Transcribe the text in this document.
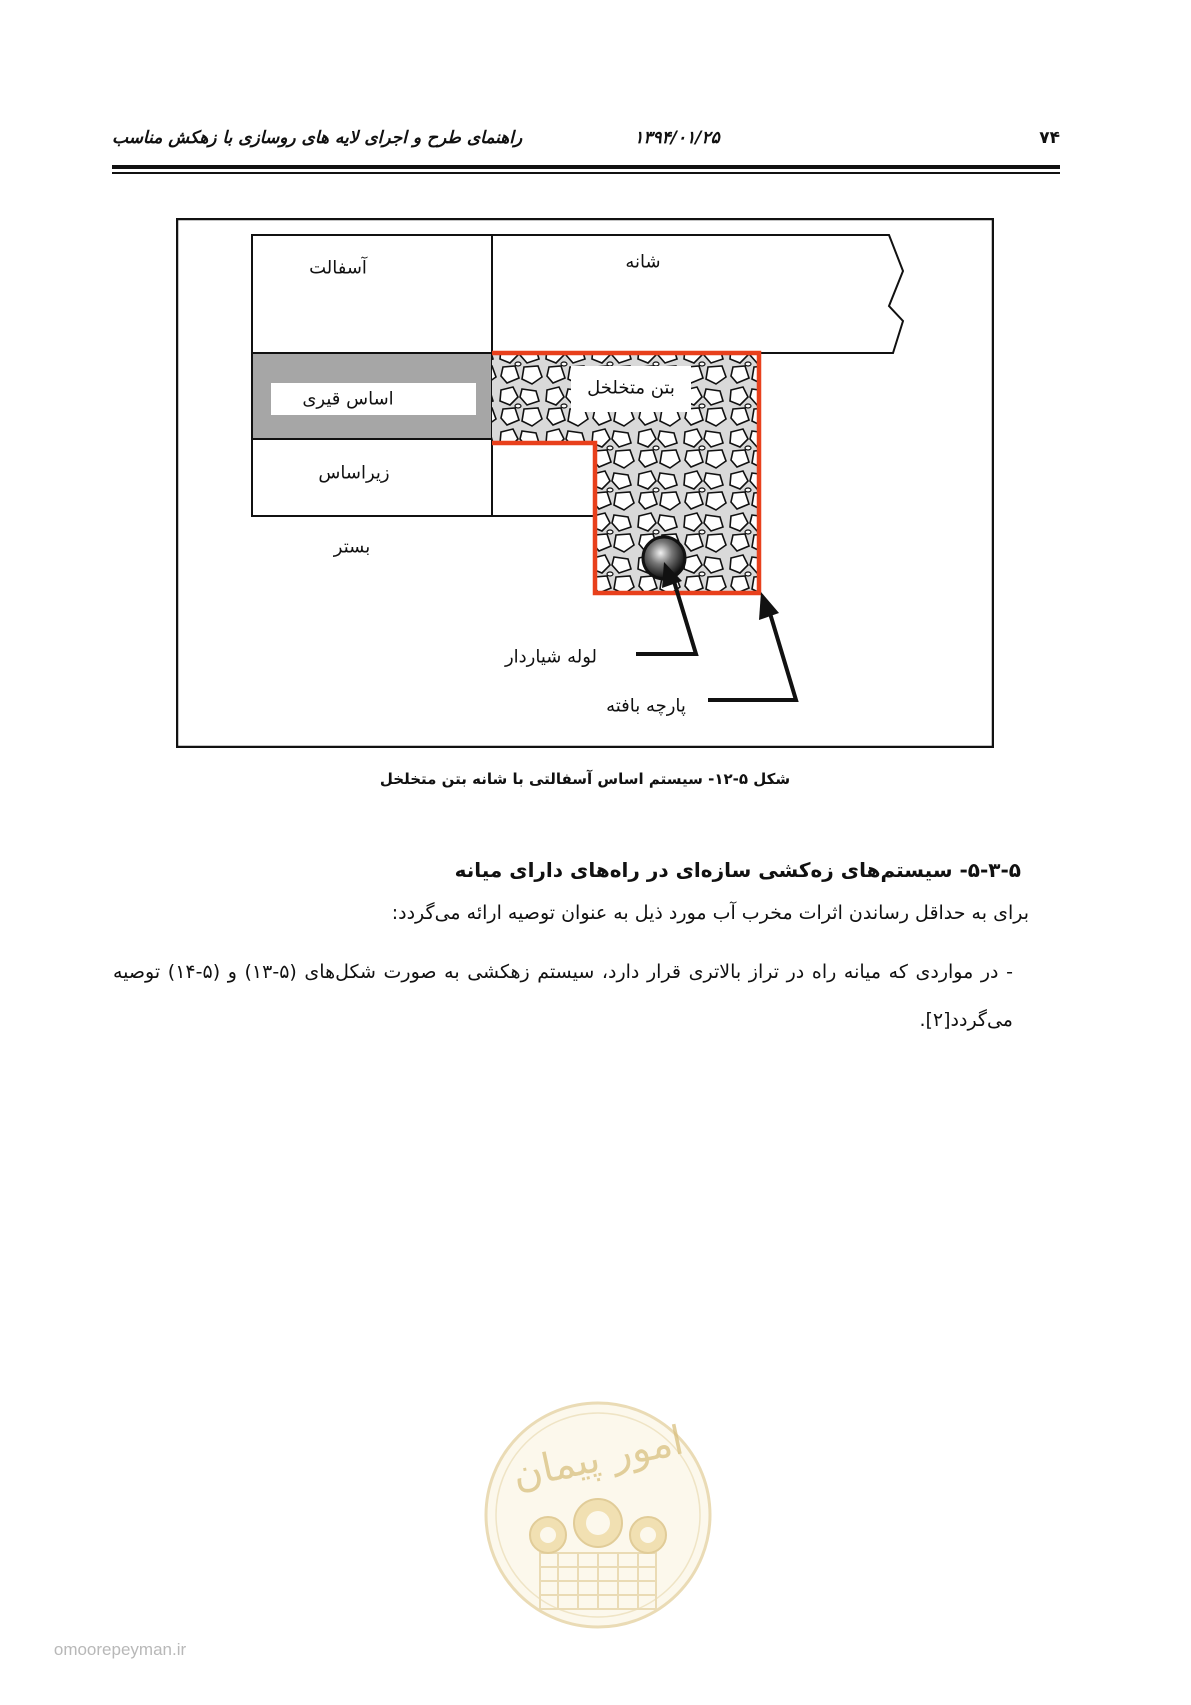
۷۴
۱۳۹۴/۰۱/۲۵
راهنمای طرح و اجرای لایه های روسازی با زهکش مناسب
آسفالت	شانه
اساس قیری
بتن متخلخل
زیراساس
بستر
لوله شیاردار
پارچه بافته
شکل ۵-۱۲- سیستم اساس آسفالتی با شانه بتن متخلخل
۵-۳-۵- سیستم‌های زه‌کشی سازه‌ای در راه‌های دارای میانه
برای به حداقل رساندن اثرات مخرب آب مورد ذیل به عنوان توصیه ارائه می‌گردد:
- در مواردی که میانه راه در تراز بالاتری قرار دارد، سیستم زهکشی به صورت شکل‌های (۵-۱۳) و (۵-۱۴) توصیه می‌گردد[۲].
امور پیمان
omoorepeyman.ir
